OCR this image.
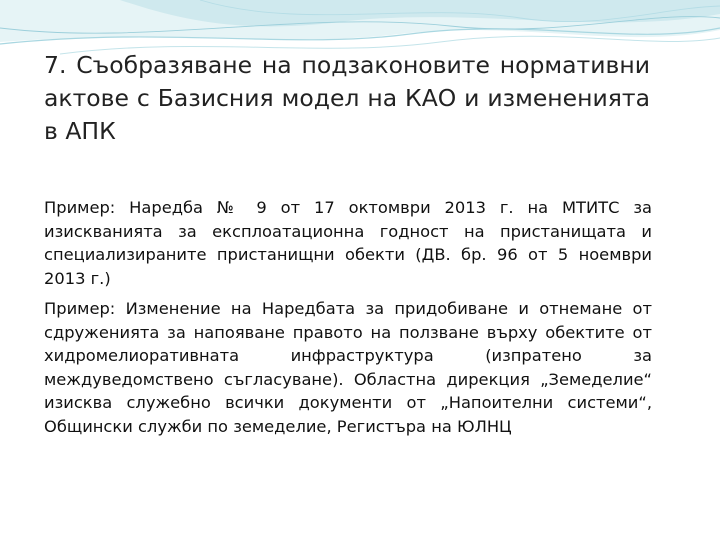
7. Съобразяване на подзаконовите нормативни актове с Базисния модел на КАО и измененията в АПК

Пример: Наредба № 9 от 17 октомври 2013 г. на МТИТС за изискванията за експлоатационна годност на пристанищата и специализираните пристанищни обекти (ДВ. бр. 96 от 5 ноември 2013 г.)

Пример: Изменение на Наредбата за придобиване и отнемане от сдруженията за напояване правото на ползване върху обектите от хидромелиоративната инфраструктура (изпратено за междуведомствено съгласуване). Областна дирекция „Земеделие“ изисква служебно всички документи от „Напоителни системи“, Общински служби по земеделие, Регистъра на ЮЛНЦ
